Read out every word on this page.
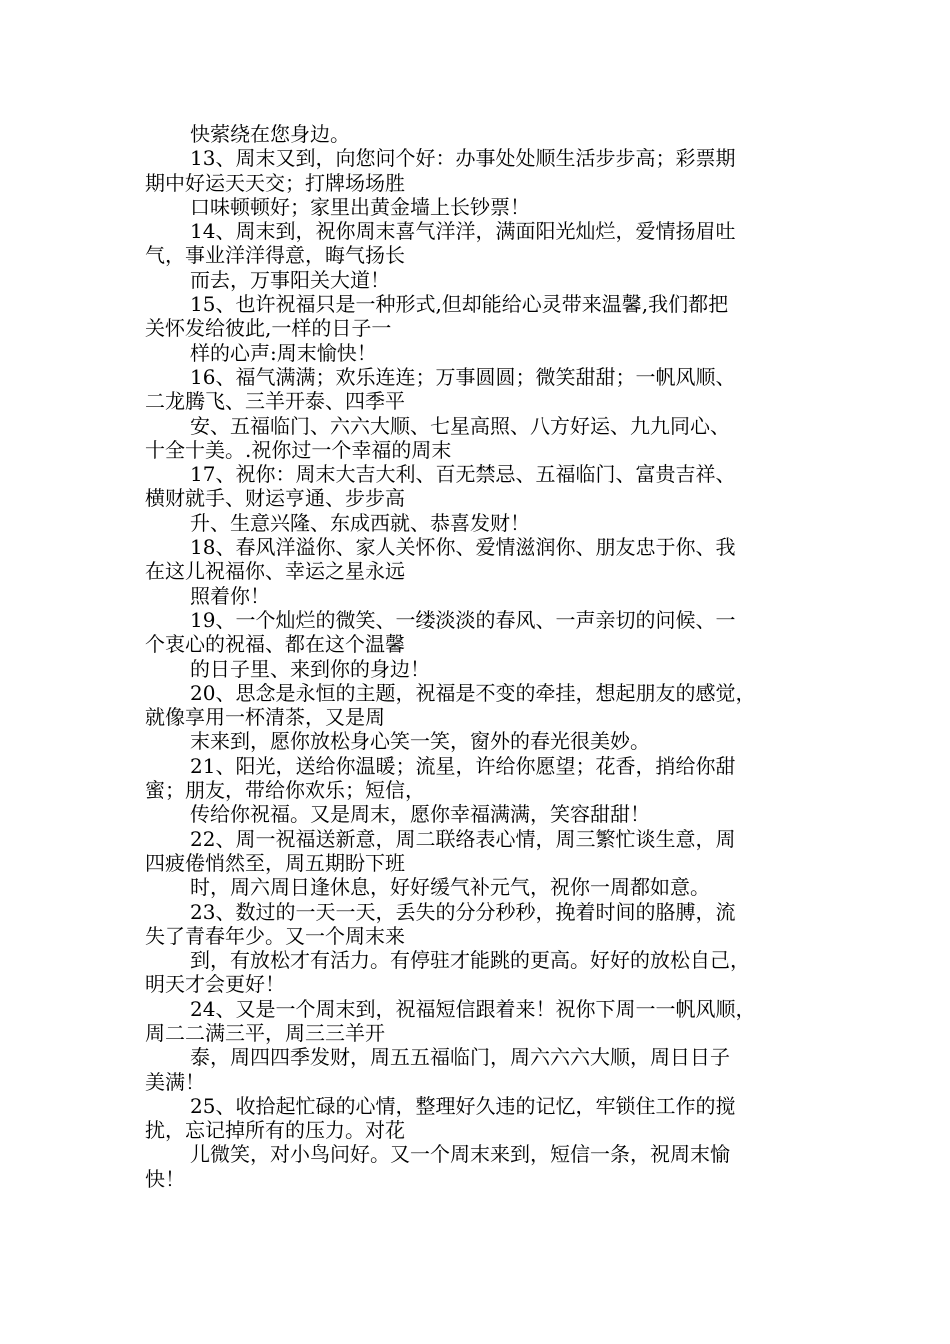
快萦绕在您身边。
13、周末又到，向您问个好：办事处处顺生活步步高；彩票期
期中好运天天交；打牌场场胜
口味顿顿好；家里出黄金墙上长钞票！
14、周末到，祝你周末喜气洋洋，满面阳光灿烂，爱情扬眉吐
气，事业洋洋得意，晦气扬长
而去，万事阳关大道！
15、也许祝福只是一种形式,但却能给心灵带来温馨,我们都把
关怀发给彼此,一样的日子一
样的心声:周末愉快！
16、福气满满；欢乐连连；万事圆圆；微笑甜甜；一帆风顺、
二龙腾飞、三羊开泰、四季平
安、五福临门、六六大顺、七星高照、八方好运、九九同心、
十全十美。.祝你过一个幸福的周末
17、祝你：周末大吉大利、百无禁忌、五福临门、富贵吉祥、
横财就手、财运亨通、步步高
升、生意兴隆、东成西就、恭喜发财！
18、春风洋溢你、家人关怀你、爱情滋润你、朋友忠于你、我
在这儿祝福你、幸运之星永远
照着你！
19、一个灿烂的微笑、一缕淡淡的春风、一声亲切的问候、一
个衷心的祝福、都在这个温馨
的日子里、来到你的身边！
20、思念是永恒的主题，祝福是不变的牵挂，想起朋友的感觉，
就像享用一杯清茶，又是周
末来到，愿你放松身心笑一笑，窗外的春光很美妙。
21、阳光，送给你温暖；流星，许给你愿望；花香，捎给你甜
蜜；朋友，带给你欢乐；短信，
传给你祝福。又是周末，愿你幸福满满，笑容甜甜！
22、周一祝福送新意，周二联络表心情，周三繁忙谈生意，周
四疲倦悄然至，周五期盼下班
时，周六周日逢休息，好好缓气补元气，祝你一周都如意。
23、数过的一天一天，丢失的分分秒秒，挽着时间的胳膊，流
失了青春年少。又一个周末来
到，有放松才有活力。有停驻才能跳的更高。好好的放松自己，
明天才会更好！
24、又是一个周末到，祝福短信跟着来！祝你下周一一帆风顺，
周二二满三平，周三三羊开
泰，周四四季发财，周五五福临门，周六六六大顺，周日日子
美满！
25、收拾起忙碌的心情，整理好久违的记忆，牢锁住工作的搅
扰，忘记掉所有的压力。对花
儿微笑，对小鸟问好。又一个周末来到，短信一条，祝周末愉
快！
